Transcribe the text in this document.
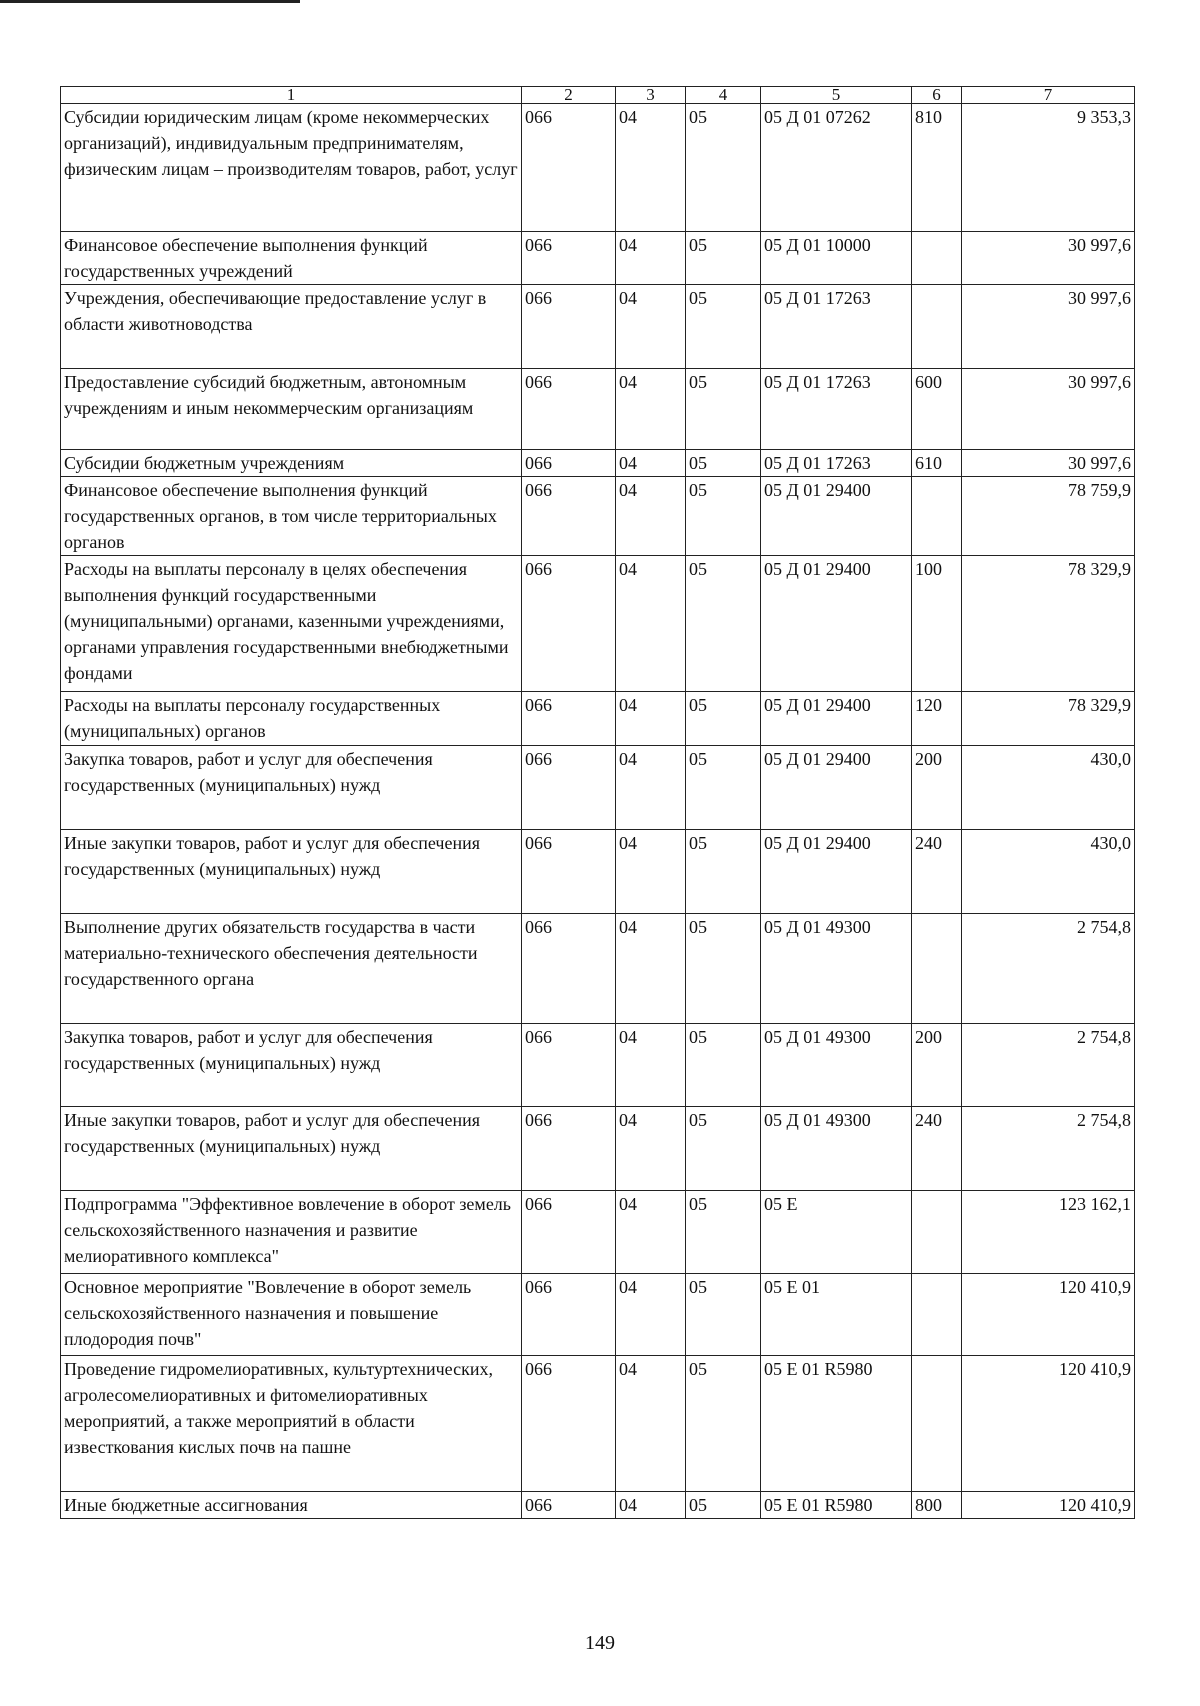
1	2	3	4	5	6	7
Субсидии юридическим лицам (кроме некоммерческих организаций), индивидуальным предпринимателям, физическим лицам – производителям товаров, работ, услуг	066	04	05	05 Д 01 07262	810	9 353,3
Финансовое обеспечение выполнения функций государственных учреждений	066	04	05	05 Д 01 10000		30 997,6
Учреждения, обеспечивающие предоставление услуг в области животноводства	066	04	05	05 Д 01 17263		30 997,6
Предоставление субсидий бюджетным, автономным учреждениям и иным некоммерческим организациям	066	04	05	05 Д 01 17263	600	30 997,6
Субсидии бюджетным учреждениям	066	04	05	05 Д 01 17263	610	30 997,6
Финансовое обеспечение выполнения функций государственных органов, в том числе территориальных органов	066	04	05	05 Д 01 29400		78 759,9
Расходы на выплаты персоналу в целях обеспечения выполнения функций государственными (муниципальными) органами, казенными учреждениями, органами управления государственными внебюджетными фондами	066	04	05	05 Д 01 29400	100	78 329,9
Расходы на выплаты персоналу государственных (муниципальных) органов	066	04	05	05 Д 01 29400	120	78 329,9
Закупка товаров, работ и услуг для обеспечения государственных (муниципальных) нужд	066	04	05	05 Д 01 29400	200	430,0
Иные закупки товаров, работ и услуг для обеспечения государственных (муниципальных) нужд	066	04	05	05 Д 01 29400	240	430,0
Выполнение других обязательств государства в части материально-технического обеспечения деятельности государственного органа	066	04	05	05 Д 01 49300		2 754,8
Закупка товаров, работ и услуг для обеспечения государственных (муниципальных) нужд	066	04	05	05 Д 01 49300	200	2 754,8
Иные закупки товаров, работ и услуг для обеспечения государственных (муниципальных) нужд	066	04	05	05 Д 01 49300	240	2 754,8
Подпрограмма "Эффективное вовлечение в оборот земель сельскохозяйственного назначения и развитие мелиоративного комплекса"	066	04	05	05 Е		123 162,1
Основное мероприятие "Вовлечение в оборот земель сельскохозяйственного назначения и повышение плодородия почв"	066	04	05	05 Е 01		120 410,9
Проведение гидромелиоративных, культуртехнических, агролесомелиоративных и фитомелиоративных мероприятий, а также мероприятий в области известкования кислых почв на пашне	066	04	05	05 Е 01 R5980		120 410,9
Иные бюджетные ассигнования	066	04	05	05 Е 01 R5980	800	120 410,9
149
